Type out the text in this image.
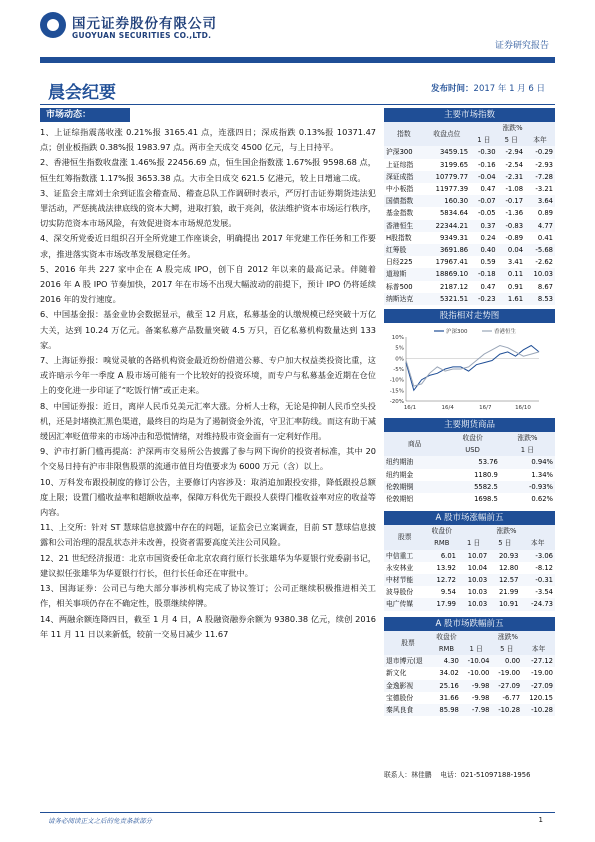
国元证券股份有限公司
GUOYUAN SECURITIES CO.,LTD.
证券研究报告
晨会纪要	发布时间：2017 年 1 月 6 日
市场动态：

1、上证综指震荡收涨 0.21%报 3165.41 点，连涨四日；深成指跌 0.13%报 10371.47 点；创业板指跌 0.38%报 1983.97 点。两市全天成交 4500 亿元，与上日持平。

2、香港恒生指数收盘涨 1.46%报 22456.69 点，恒生国企指数涨 1.67%报 9598.68 点，恒生红筹指数涨 1.17%报 3653.38 点。大市全日成交 621.5 亿港元，较上日增逾二成。

3、证监会主席刘士余到证监会稽查局、稽查总队工作调研时表示，严厉打击证券期货违法犯罪活动，严惩挑战法律底线的资本大鳄，进取打狼，敢于亮剑，依法维护资本市场运行秩序，切实防范资本市场风险，有效促进资本市场规范发展。

4、深交所党委近日组织召开全所党建工作座谈会，明确提出 2017 年党建工作任务和工作要求，推进落实资本市场改革发展稳定任务。

5、2016 年共 227 家中企在 A 股完成 IPO，创下自 2012 年以来的最高记录。伴随着 2016 年 A 股 IPO 节奏加快，2017 年在市场不出现大幅波动的前提下，预计 IPO 仍将延续 2016 年的发行速度。

6、中国基金报：基金业协会数据显示，截至 12 月底，私募基金的认缴规模已经突破十万亿大关，达到 10.24 万亿元。备案私募产品数量突破 4.5 万只，百亿私募机构数量达到 133 家。

7、上海证券报：嗅觉灵敏的各路机构资金最近纷纷借道公募、专户加大权益类投资比重，这或许暗示今年一季度 A 股市场可能有一个比较好的投资环境，而专户与私募基金近期在仓位上的变化进一步印证了“吃饭行情”或正走来。

8、中国证券报：近日，离岸人民币兑美元汇率大涨。分析人士称，无论是抑制人民币空头投机，还是封堵换汇黑色渠道，最终目的均是为了遏制资金外流，守卫汇率防线。而这有助于减缓因汇率贬值带来的市场冲击和恐慌情绪，对维持股市资金面有一定利好作用。

9、沪市打新门槛再提高：沪深两市交易所公告披露了参与网下询价的投资者标准，其中 20 个交易日持有沪市非限售股票的流通市值目均值要求为 6000 万元（含）以上。

10、万科发布跟投制度的修订公告，主要修订内容涉及：取消追加跟投安排，降低跟投总额度上限；设置门槛收益率和超额收益率，保障万科优先于跟投人获得门槛收益率对应的收益等内容。

11、上交所：针对 ST 慧球信息披露中存在的问题，证监会已立案调查，目前 ST 慧球信息披露和公司治理的混乱状态并未改善，投资者需要高度关注公司风险。

12、21 世纪经济报道：北京市国资委任命北京农商行原行长张雄华为华夏银行党委副书记，建议拟任张雄华为华夏银行行长，但行长任命还在审批中。

13、国海证券：公司已与绝大部分事涉机构完成了协议签订；公司正继续积极推进相关工作，相关事项仍存在不确定性，股票继续停牌。

14、两融余额连降四日，截至 1 月 4 日，A 股融资融券余额为 9380.38 亿元，续创 2016 年 11 月 11 日以来新低，较前一交易日减少 11.67

主要市场指数
指数	收盘点位	涨跌%		
		1 日	5 日	本年
沪深300	3459.15	-0.30	-2.94	-0.29
上证综指	3199.65	-0.16	-2.54	-2.93
深证成指	10779.77	-0.04	-2.31	-7.28
中小板指	11977.39	0.47	-1.08	-3.21
国债指数	160.30	-0.07	-0.17	3.64
基金指数	5834.64	-0.05	-1.36	0.89
香港恒生	22344.21	0.37	-0.83	4.77
H股指数	9349.31	0.24	-0.89	0.41
红筹股	3691.86	0.40	0.04	-5.68
日经225	17967.41	0.59	3.41	-2.62
道琼斯	18869.10	-0.18	0.11	10.03
标普500	2187.12	0.47	0.91	8.67
纳斯达克	5321.51	-0.23	1.61	8.53
股指相对走势图
10%
5%
0%
-5%
-10%
-15%
-20%
16/1	16/4	16/7	16/10
沪深300	香港恒生
主要期货商品
商品	收盘价	涨跌%
	USD	1 日
纽约期油	53.76	0.94%
纽约期金	1180.9	1.34%
伦敦期铜	5582.5	-0.93%
伦敦期铝	1698.5	0.62%
A 股市场涨幅前五
股票	收盘价	涨跌%		
	RMB	1 日	5 日	本年
中信重工	6.01	10.07	20.93	-3.06
永安林业	13.92	10.04	12.80	-8.12
中材节能	12.72	10.03	12.57	-0.31
波导股份	9.54	10.03	21.99	-3.54
电广传媒	17.99	10.03	10.91	-24.73
A 股市场跌幅前五
股票	收盘价	涨跌%		
	RMB	1 日	5 日	本年
退市博元(退	4.30	-10.04	0.00	-27.12
新文化	34.02	-10.00	-19.00	-19.00
金逸影视	25.16	-9.98	-27.09	-27.09
宝德股份	31.66	-9.98	-6.77	120.15
秦风良食	85.98	-7.98	-10.28	-10.28
联系人：林佳鹏 电话：021-51097188-1956
请务必阅读正文之后的免责条款部分	1
